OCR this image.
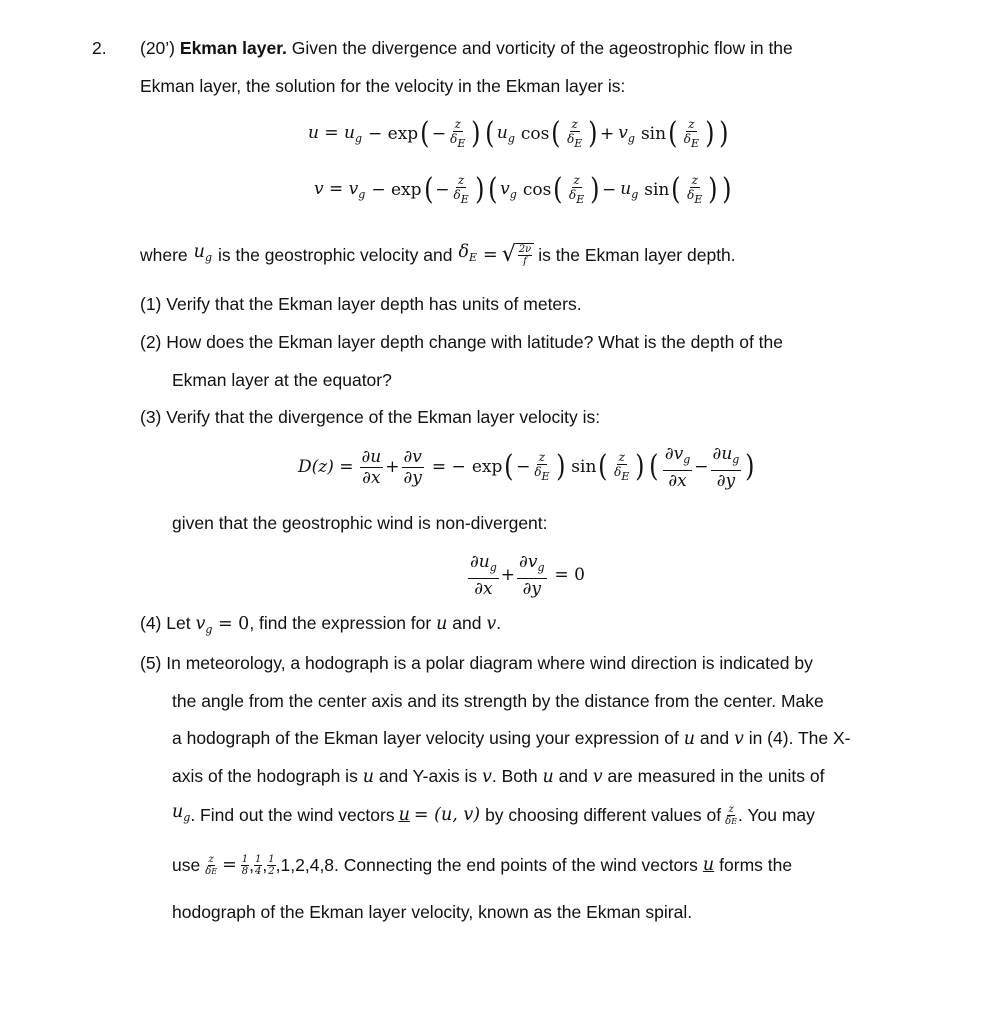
2. (20’) Ekman layer. Given the divergence and vorticity of the ageostrophic flow in the
Ekman layer, the solution for the velocity in the Ekman layer is:
$u = u_g - \exp$ ( − $\frac{z}{\delta E}$ ) ( $u_g$ cos ( $\frac{z}{\delta E}$ ) + $v_g$ sin ( $\frac{z}{\delta E}$ ) )
$v = v_g - \exp$ ( − $\frac{z}{\delta E}$ ) ( $v_g$ cos ( $\frac{z}{\delta E}$ ) − $u_g$ sin ( $\frac{z}{\delta E}$ ) )
where $u_g$ is the geostrophic velocity and $\delta_E$ = √ $\frac{2\nu}{f}$ is the Ekman layer depth.
(1) Verify that the Ekman layer depth has units of meters.
(2) How does the Ekman layer depth change with latitude? What is the depth of the
Ekman layer at the equator?
(3) Verify that the divergence of the Ekman layer velocity is:
$D(z) = \frac{\partial u}{\partial x} + \frac{\partial v}{\partial y}$ = − exp ( − $\frac{z}{\delta E}$ ) sin ( $\frac{z}{\delta E}$ ) ( $\frac{\partial v_g}{\partial x} - \frac{\partial u_g}{\partial y}$ )
given that the geostrophic wind is non-divergent:
$\frac{\partial u_g}{\partial x} + \frac{\partial v_g}{\partial y} = 0$
(4) Let $v_g = 0$, find the expression for u and v.
(5) In meteorology, a hodograph is a polar diagram where wind direction is indicated by
the angle from the center axis and its strength by the distance from the center. Make
a hodograph of the Ekman layer velocity using your expression of u and v in (4). The X-
axis of the hodograph is u and Y-axis is v. Both u and v are measured in the units of
$u_g$ . Find out the wind vectors u = (u, v) by choosing different values of $\frac{z}{\delta E}$ . You may
use $\frac{z}{\delta E} = \frac{1}{8}$ , $\frac{1}{4}$ , $\frac{1}{2}$ , 1,2,4,8. Connecting the end points of the wind vectors u forms the
hodograph of the Ekman layer velocity, known as the Ekman spiral.
